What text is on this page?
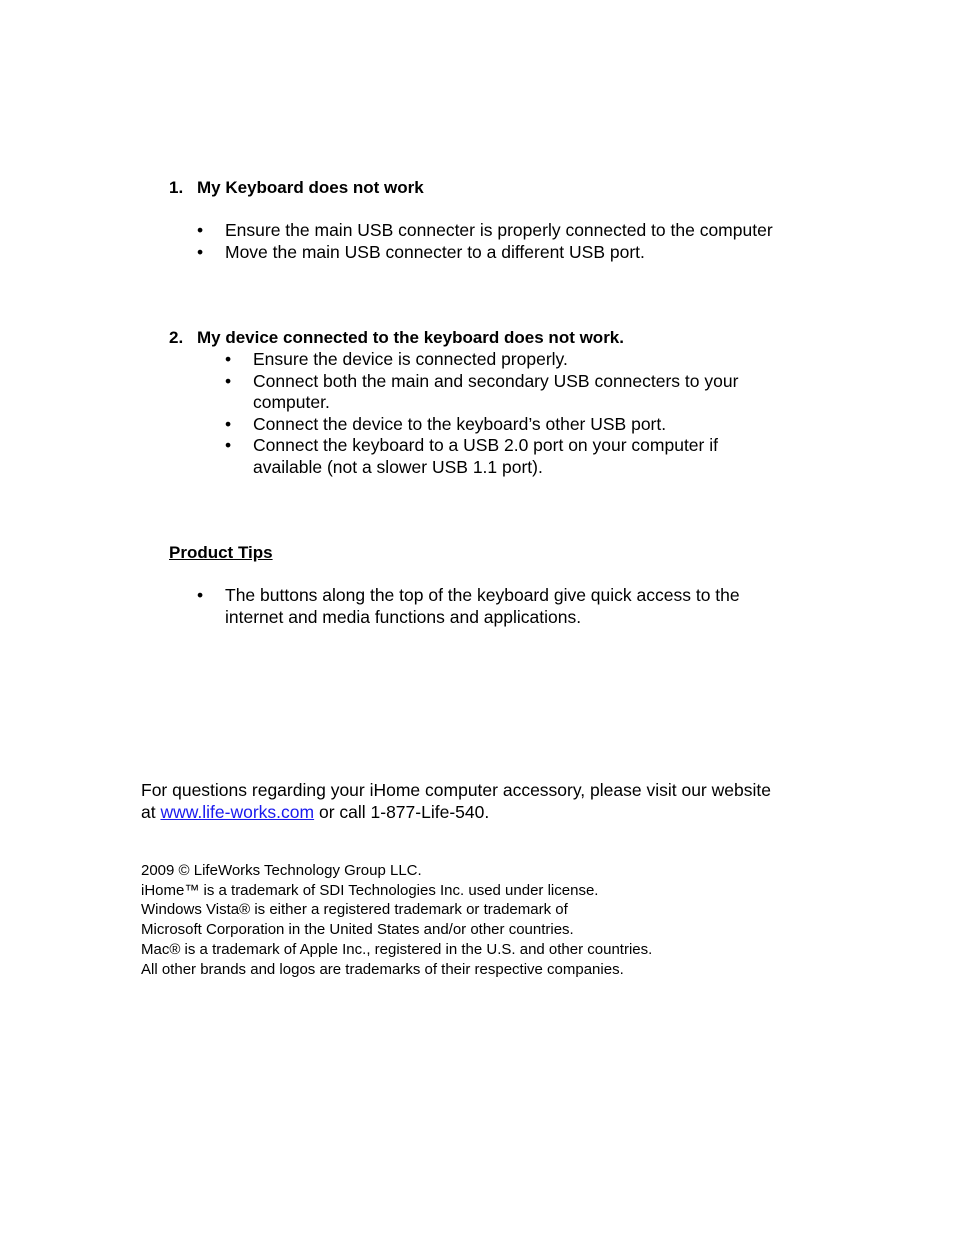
1. My Keyboard does not work
• Ensure the main USB connecter is properly connected to the computer
• Move the main USB connecter to a different USB port.
2. My device connected to the keyboard does not work.
• Ensure the device is connected properly.
• Connect both the main and secondary USB connecters to your computer.
• Connect the device to the keyboard’s other USB port.
• Connect the keyboard to a USB 2.0 port on your computer if available (not a slower USB 1.1 port).
Product Tips
• The buttons along the top of the keyboard give quick access to the internet and media functions and applications.
For questions regarding your iHome computer accessory, please visit our website at www.life-works.com or call 1-877-Life-540.
2009 © LifeWorks Technology Group LLC.
iHome™ is a trademark of SDI Technologies Inc. used under license.
Windows Vista® is either a registered trademark or trademark of
Microsoft Corporation in the United States and/or other countries.
Mac® is a trademark of Apple Inc., registered in the U.S. and other countries.
All other brands and logos are trademarks of their respective companies.
